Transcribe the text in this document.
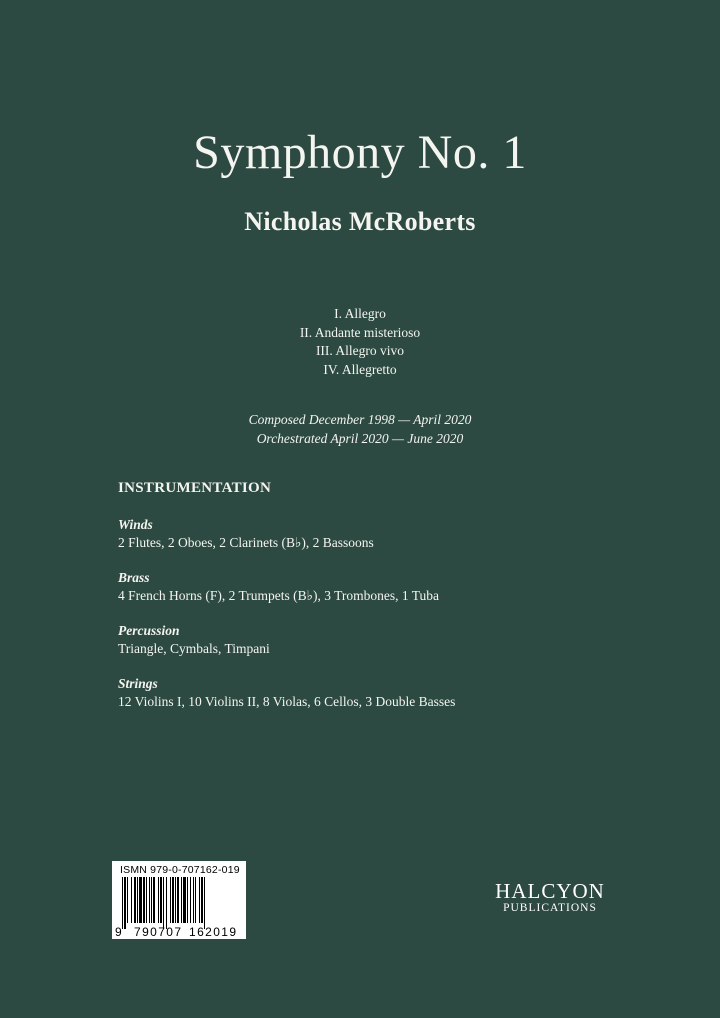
Symphony No. 1
Nicholas McRoberts
I. Allegro
II. Andante misterioso
III. Allegro vivo
IV. Allegretto
Composed December 1998 — April 2020
Orchestrated April 2020 — June 2020
INSTRUMENTATION
Winds
2 Flutes, 2 Oboes, 2 Clarinets (B♭), 2 Bassoons
Brass
4 French Horns (F), 2 Trumpets (B♭), 3 Trombones, 1 Tuba
Percussion
Triangle, Cymbals, Timpani
Strings
12 Violins I, 10 Violins II, 8 Violas, 6 Cellos, 3 Double Basses
ISMN 979-0-707162-019
9 790707 162019
HALCYON
PUBLICATIONS
